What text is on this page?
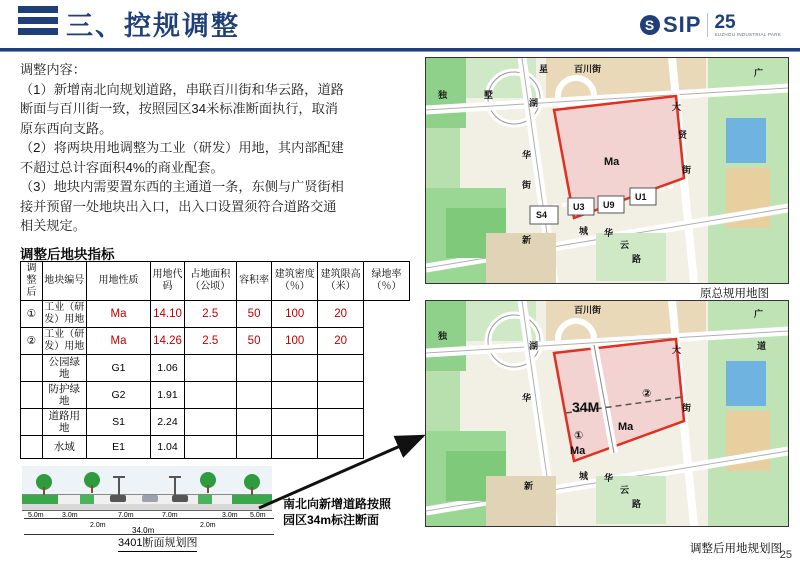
三、控规调整	S SIP 25
SUZHOU INDUSTRIAL PARK
调整内容：
（1）新增南北向规划道路，串联百川街和华云路，道路
断面与百川街一致，按照园区34米标准断面执行，取消
原东西向支路。
（2）将两块用地调整为工业（研发）用地，其内部配建
不超过总计容面积4%的商业配套。
（3）地块内需要置东西的主通道一条，东侧与广贤街相
接并预留一处地块出入口，出入口设置须符合道路交通
相关规定。
调整后地块指标
调整后	地块编号	用地性质	用地代码	占地面积（公顷）	容积率	建筑密度（％）	建筑限高（米）	绿地率（％）
①	工业（研发）用地	Ma	14.10	2.5	50	100	20	
②	工业（研发）用地	Ma	14.26	2.5	50	100	20	
	公园绿地	G1	1.06					
	防护绿地	G2	1.91					
	道路用地	S1	2.24					
	水域	E1	1.04					
5.0m	3.0m
2.0m
7.0m	7.0m
2.0m
3.0m 5.0m
34.0m
3401断面规划图
南北向新增道路按照
园区34m标注断面
百川街
星
独	墅
湖	大
广
贤
街
华
街
新
城 华
云
路
Ma
S4
U3 U9
U1
原总规用地图
百川街
独
湖	大
广
道
华
街
新
城 华
云
路
②
①
Ma
Ma
34M
调整后用地规划图
25
